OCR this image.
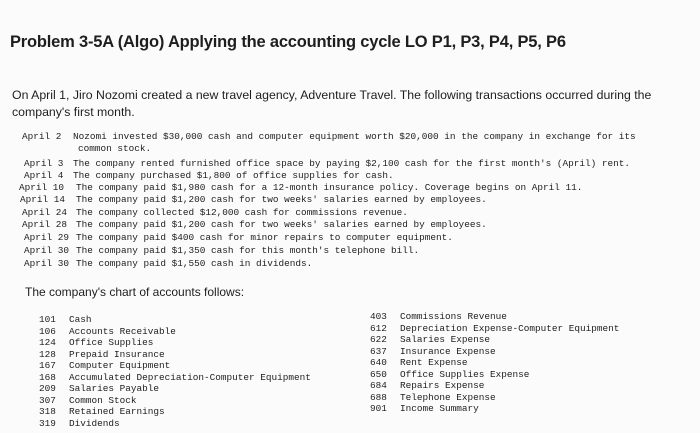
Problem 3-5A (Algo) Applying the accounting cycle LO P1, P3, P4, P5, P6
On April 1, Jiro Nozomi created a new travel agency, Adventure Travel. The following transactions occurred during the company's first month.
April 2 Nozomi invested $30,000 cash and computer equipment worth $20,000 in the company in exchange for its
common stock.
April 3 The company rented furnished office space by paying $2,100 cash for the first month's (April) rent.
April 4 The company purchased $1,800 of office supplies for cash.
April 10 The company paid $1,980 cash for a 12-month insurance policy. Coverage begins on April 11.
April 14 The company paid $1,200 cash for two weeks' salaries earned by employees.
April 24 The company collected $12,000 cash for commissions revenue.
April 28 The company paid $1,200 cash for two weeks' salaries earned by employees.
April 29 The company paid $400 cash for minor repairs to computer equipment.
April 30 The company paid $1,350 cash for this month's telephone bill.
April 30 The company paid $1,550 cash in dividends.
The company's chart of accounts follows:
101 Cash
106 Accounts Receivable
124 Office Supplies
128 Prepaid Insurance
167 Computer Equipment
168 Accumulated Depreciation-Computer Equipment
209 Salaries Payable
307 Common Stock
318 Retained Earnings
319 Dividends
403 Commissions Revenue
612 Depreciation Expense-Computer Equipment
622 Salaries Expense
637 Insurance Expense
640 Rent Expense
650 Office Supplies Expense
684 Repairs Expense
688 Telephone Expense
901 Income Summary
